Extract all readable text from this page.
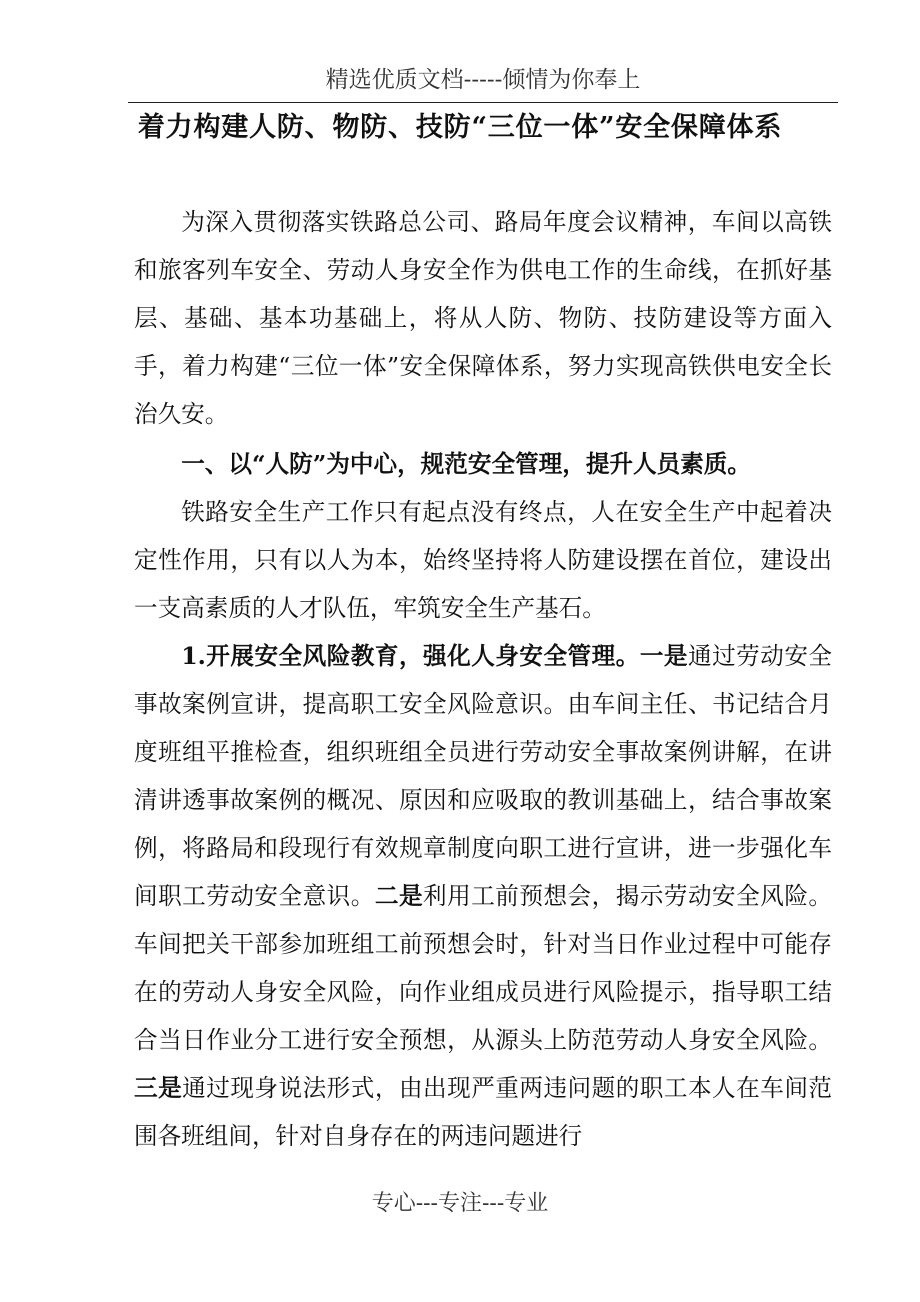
精选优质文档-----倾情为你奉上
着力构建人防、物防、技防“三位一体”安全保障体系

为深入贯彻落实铁路总公司、路局年度会议精神，车间以高铁和旅客列车安全、劳动人身安全作为供电工作的生命线，在抓好基层、基础、基本功基础上，将从人防、物防、技防建设等方面入手，着力构建“三位一体”安全保障体系，努力实现高铁供电安全长治久安。

一、以“人防”为中心，规范安全管理，提升人员素质。

铁路安全生产工作只有起点没有终点，人在安全生产中起着决定性作用，只有以人为本，始终坚持将人防建设摆在首位，建设出一支高素质的人才队伍，牢筑安全生产基石。

1.开展安全风险教育，强化人身安全管理。一是通过劳动安全事故案例宣讲，提高职工安全风险意识。由车间主任、书记结合月度班组平推检查，组织班组全员进行劳动安全事故案例讲解，在讲清讲透事故案例的概况、原因和应吸取的教训基础上，结合事故案例，将路局和段现行有效规章制度向职工进行宣讲，进一步强化车间职工劳动安全意识。二是利用工前预想会，揭示劳动安全风险。车间把关干部参加班组工前预想会时，针对当日作业过程中可能存在的劳动人身安全风险，向作业组成员进行风险提示，指导职工结合当日作业分工进行安全预想，从源头上防范劳动人身安全风险。三是通过现身说法形式，由出现严重两违问题的职工本人在车间范围各班组间，针对自身存在的两违问题进行

专心---专注---专业
